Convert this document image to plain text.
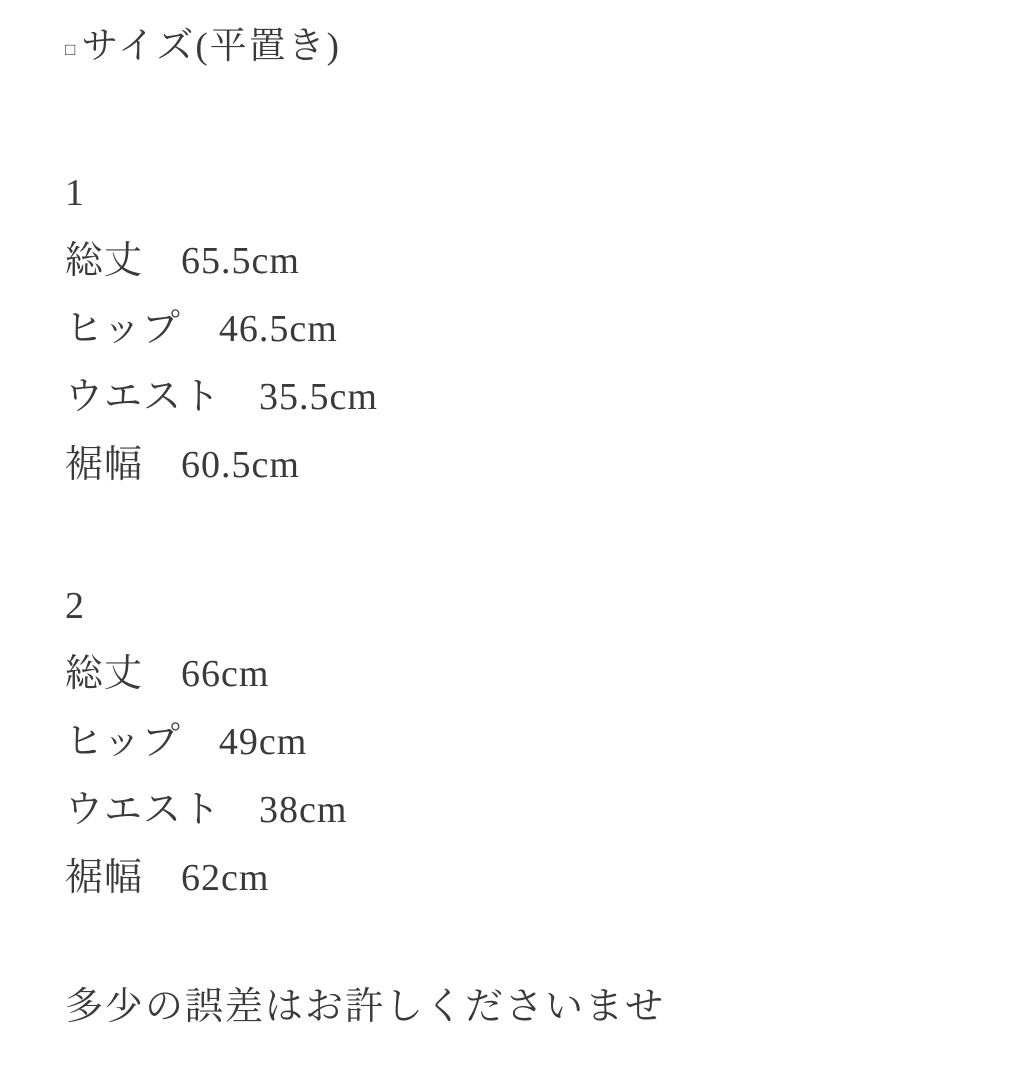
□ サイズ(平置き)
1
総丈 65.5cm
ヒップ 46.5cm
ウエスト 35.5cm
裾幅 60.5cm
2
総丈 66cm
ヒップ 49cm
ウエスト 38cm
裾幅 62cm
多少の誤差はお許しくださいませ
